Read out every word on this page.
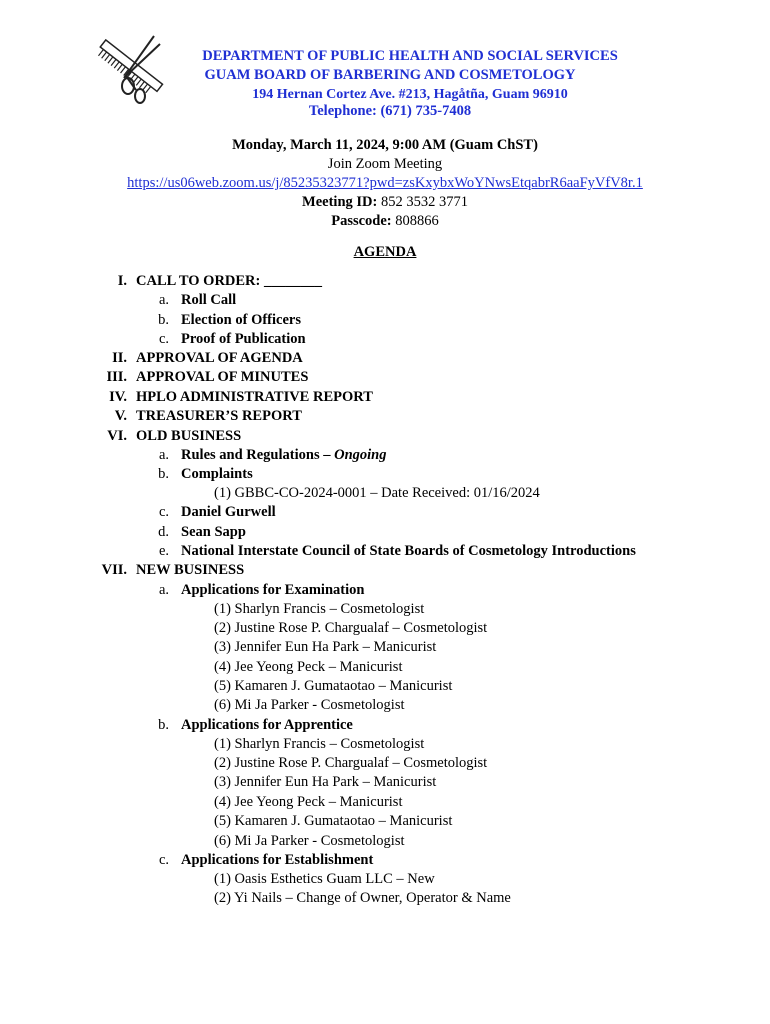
DEPARTMENT OF PUBLIC HEALTH AND SOCIAL SERVICES
GUAM BOARD OF BARBERING AND COSMETOLOGY
194 Hernan Cortez Ave. #213, Hagåtña, Guam 96910
Telephone: (671) 735-7408
Monday, March 11, 2024, 9:00 AM (Guam ChST)
Join Zoom Meeting
https://us06web.zoom.us/j/85235323771?pwd=zsKxybxWoYNwsEtqabrR6aaFyVfV8r.1
Meeting ID: 852 3532 3771
Passcode: 808866
AGENDA
I. CALL TO ORDER: ________
a. Roll Call
b. Election of Officers
c. Proof of Publication
II. APPROVAL OF AGENDA
III. APPROVAL OF MINUTES
IV. HPLO ADMINISTRATIVE REPORT
V. TREASURER’S REPORT
VI. OLD BUSINESS
a. Rules and Regulations – Ongoing
b. Complaints
(1) GBBC-CO-2024-0001 – Date Received: 01/16/2024
c. Daniel Gurwell
d. Sean Sapp
e. National Interstate Council of State Boards of Cosmetology Introductions
VII. NEW BUSINESS
a. Applications for Examination
(1) Sharlyn Francis – Cosmetologist
(2) Justine Rose P. Chargualaf – Cosmetologist
(3) Jennifer Eun Ha Park – Manicurist
(4) Jee Yeong Peck – Manicurist
(5) Kamaren J. Gumataotao – Manicurist
(6) Mi Ja Parker - Cosmetologist
b. Applications for Apprentice
(1) Sharlyn Francis – Cosmetologist
(2) Justine Rose P. Chargualaf – Cosmetologist
(3) Jennifer Eun Ha Park – Manicurist
(4) Jee Yeong Peck – Manicurist
(5) Kamaren J. Gumataotao – Manicurist
(6) Mi Ja Parker - Cosmetologist
c. Applications for Establishment
(1) Oasis Esthetics Guam LLC – New
(2) Yi Nails – Change of Owner, Operator & Name
